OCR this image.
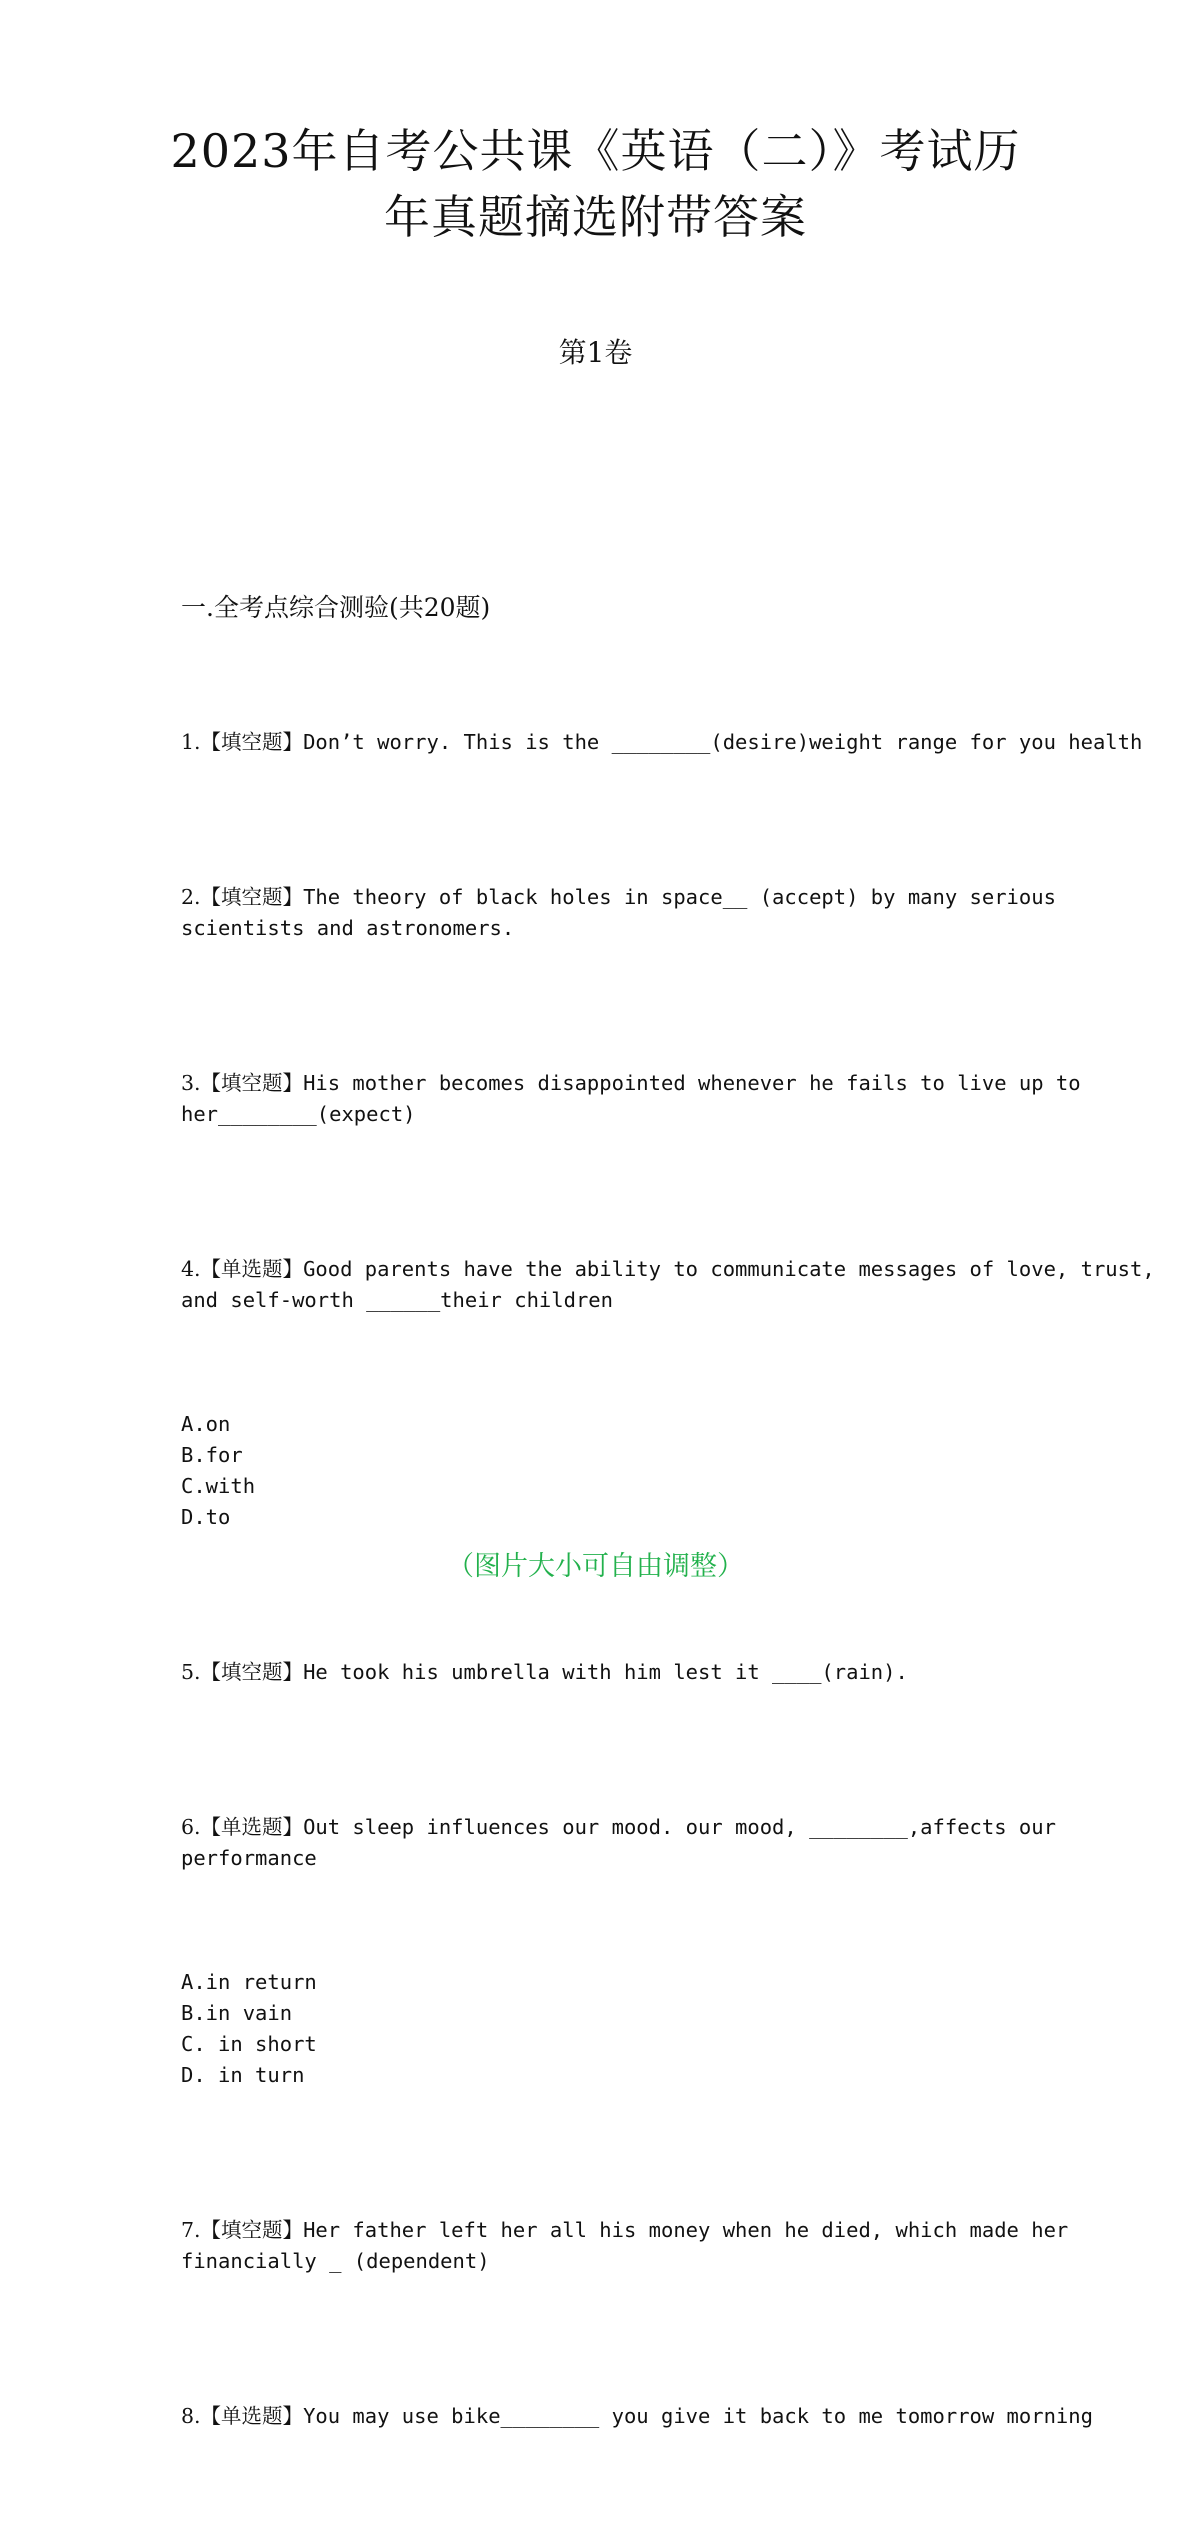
2023年自考公共课《英语（二）》考试历
年真题摘选附带答案
第1卷

一.全考点综合测验(共20题)

1.【填空题】Don’t worry. This is the ________(desire)weight range for you health

2.【填空题】The theory of black holes in space__ (accept) by many serious scientists and astronomers.

3.【填空题】His mother becomes disappointed whenever he fails to live up to her________(expect)

4.【单选题】Good parents have the ability to communicate messages of love, trust, and self-worth ______their children

A.on
B.for
C.with
D.to

5.【填空题】He took his umbrella with him lest it ____(rain).

6.【单选题】Out sleep influences our mood. our mood, ________,affects our performance

A.in return
B.in vain
C. in short
D. in turn

7.【填空题】Her father left her all his money when he died, which made her financially _ (dependent)

8.【单选题】You may use bike________ you give it back to me tomorrow morning

（图片大小可自由调整）
